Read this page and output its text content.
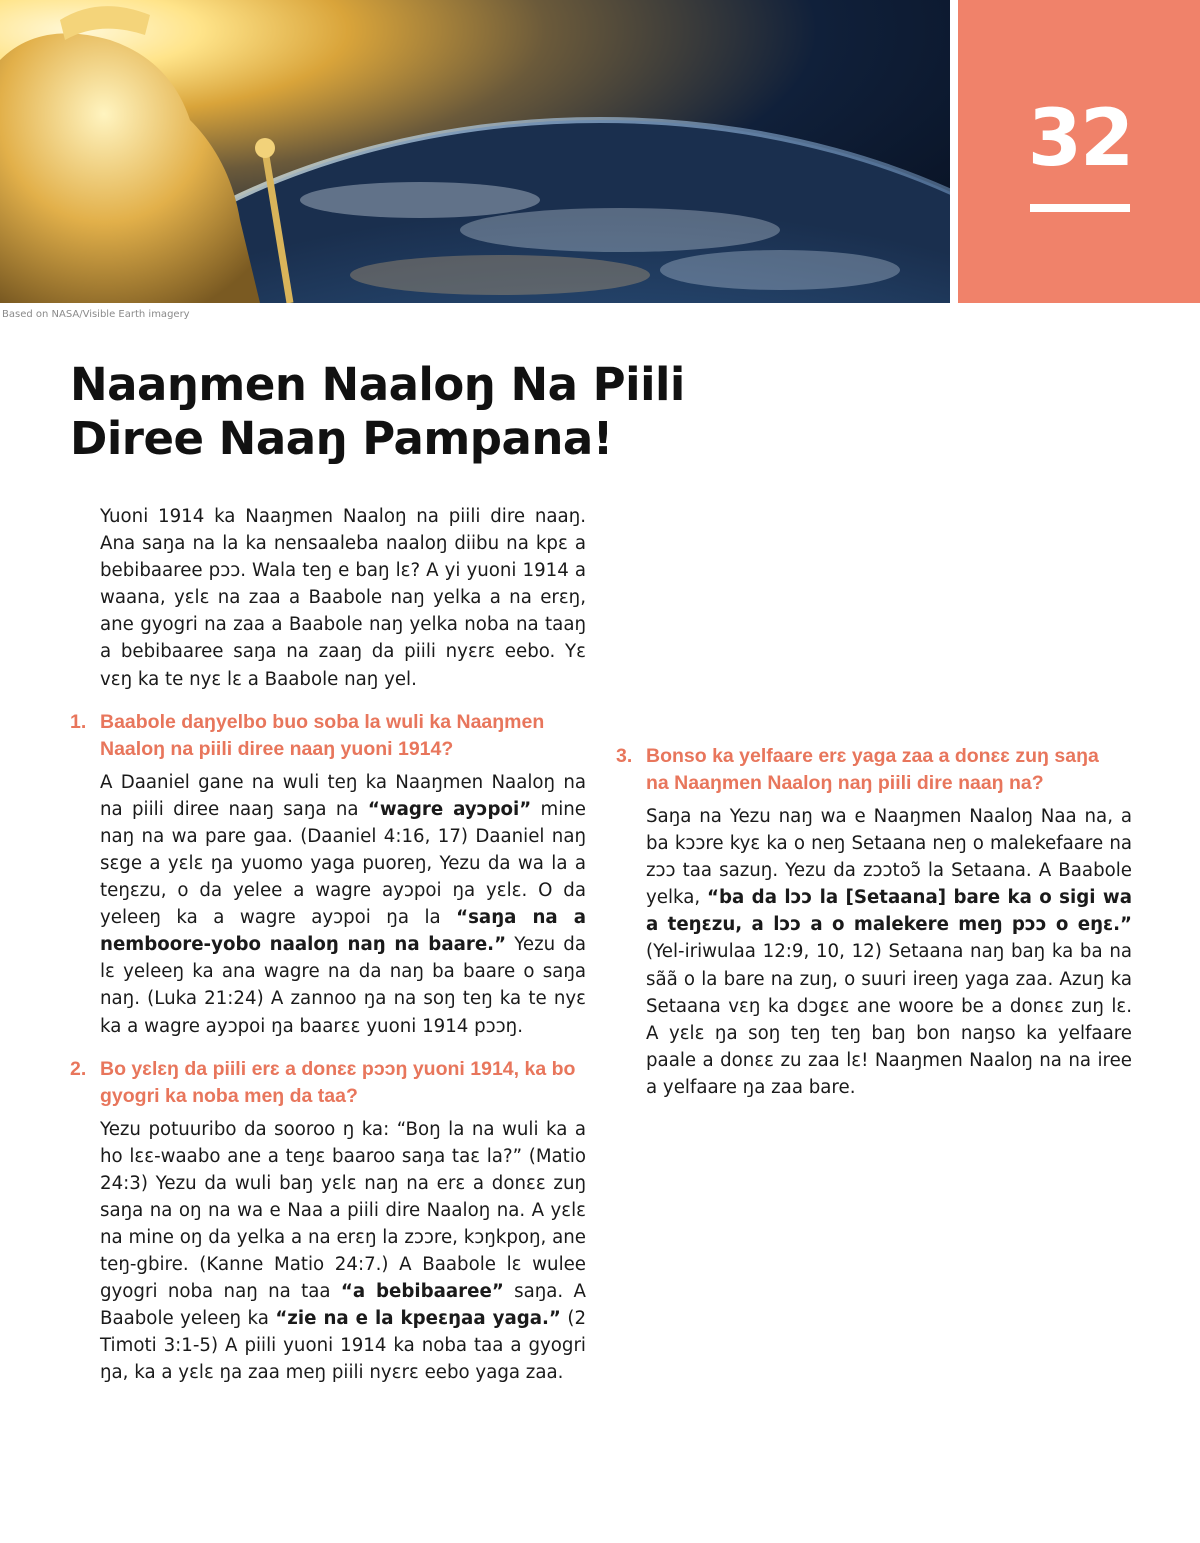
32
Based on NASA/Visible Earth imagery
Naaŋmen Naaloŋ Na Piili
Diree Naaŋ Pampana!

Yuoni 1914 ka Naaŋmen Naaloŋ na piili dire naaŋ. Ana saŋa na la ka nensaaleba naaloŋ diibu na kpɛ a bebibaaree pɔɔ. Wala teŋ e baŋ lɛ? A yi yuoni 1914 a waana, yɛlɛ na zaa a Baabole naŋ yelka a na erɛŋ, ane gyogri na zaa a Baabole naŋ yelka noba na taaŋ a bebibaaree saŋa na zaaŋ da piili nyɛrɛ eebo. Yɛ vɛŋ ka te nyɛ lɛ a Baabole naŋ yel.

1. Baabole daŋyelbo buo soba la wuli ka Naaŋmen Naaloŋ na piili diree naaŋ yuoni 1914?

A Daaniel gane na wuli teŋ ka Naaŋmen Naaloŋ na na piili diree naaŋ saŋa na “wagre ayɔpoi” mine naŋ na wa pare gaa. (Daaniel 4:16, 17) Daaniel naŋ sɛge a yɛlɛ ŋa yuomo yaga puoreŋ, Yezu da wa la a teŋɛzu, o da yelee a wagre ayɔpoi ŋa yɛlɛ. O da yeleeŋ ka a wagre ayɔpoi ŋa la “saŋa na a nemboore-yobo naaloŋ naŋ na baare.” Yezu da lɛ yeleeŋ ka ana wagre na da naŋ ba baare o saŋa naŋ. (Luka 21:24) A zannoo ŋa na soŋ teŋ ka te nyɛ ka a wagre ayɔpoi ŋa baarɛɛ yuoni 1914 pɔɔŋ.

2. Bo yɛlɛŋ da piili erɛ a donɛɛ pɔɔŋ yuoni 1914, ka bo gyogri ka noba meŋ da taa?

Yezu potuuribo da sooroo ŋ ka: “Boŋ la na wuli ka a ho lɛɛ-waabo ane a teŋɛ baaroo saŋa taɛ la?” (Matio 24:3) Yezu da wuli baŋ yɛlɛ naŋ na erɛ a donɛɛ zuŋ saŋa na oŋ na wa e Naa a piili dire Naaloŋ na. A yɛlɛ na mine oŋ da yelka a na erɛŋ la zɔɔre, kɔŋkpoŋ, ane teŋ-gbire. (Kanne Matio 24:7.) A Baabole lɛ wulee gyogri noba naŋ na taa “a bebibaaree” saŋa. A Baabole yeleeŋ ka “zie na e la kpeɛŋaa yaga.” (2 Timoti 3:1-5) A piili yuoni 1914 ka noba taa a gyogri ŋa, ka a yɛlɛ ŋa zaa meŋ piili nyɛrɛ eebo yaga zaa.

3. Bonso ka yelfaare erɛ yaga zaa a donɛɛ zuŋ saŋa na Naaŋmen Naaloŋ naŋ piili dire naaŋ na?

Saŋa na Yezu naŋ wa e Naaŋmen Naaloŋ Naa na, a ba kɔɔre kyɛ ka o neŋ Setaana neŋ o malekefaare na zɔɔ taa sazuŋ. Yezu da zɔɔtoɔ̃ la Setaana. A Baabole yelka, “ba da lɔɔ la [Setaana] bare ka o sigi wa a teŋɛzu, a lɔɔ a o malekere meŋ pɔɔ o eŋɛ.” (Yel-iriwulaa 12:9, 10, 12) Setaana naŋ baŋ ka ba na sãã o la bare na zuŋ, o suuri ireeŋ yaga zaa. Azuŋ ka Setaana vɛŋ ka dɔgɛɛ ane woore be a donɛɛ zuŋ lɛ. A yɛlɛ ŋa soŋ teŋ teŋ baŋ bon naŋso ka yelfaare paale a donɛɛ zu zaa lɛ! Naaŋmen Naaloŋ na na iree a yelfaare ŋa zaa bare.
